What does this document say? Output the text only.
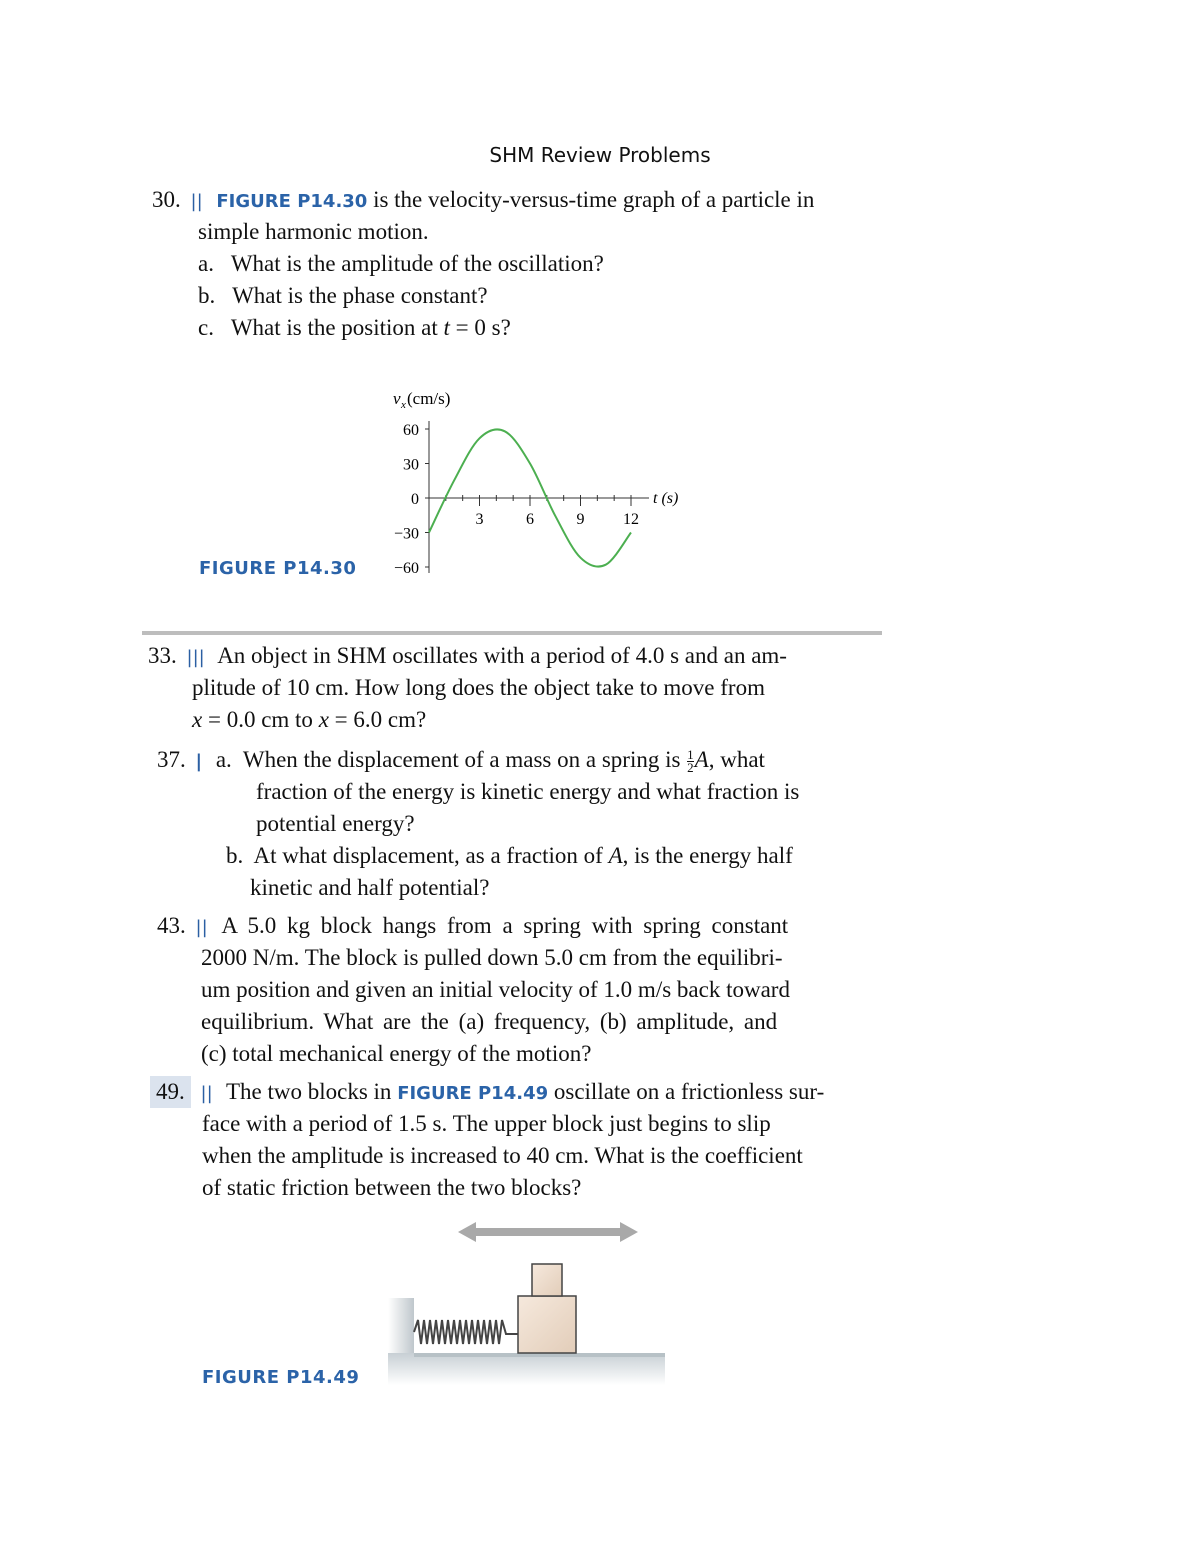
SHM Review Problems
30. || FIGURE P14.30 is the velocity-versus-time graph of a particle in
simple harmonic motion.
a. What is the amplitude of the oscillation?
b. What is the phase constant?
c. What is the position at t = 0 s?
v x (cm/s)
60
30
0
−30
−60
3	6	9 12
t (s)
FIGURE P14.30
33. ||| An object in SHM oscillates with a period of 4.0 s and an am-
plitude of 10 cm. How long does the object take to move from
x = 0.0 cm to x = 6.0 cm?
37. | a. When the displacement of a mass on a spring is $\frac{1}{2} A$, what
fraction of the energy is kinetic energy and what fraction is
potential energy?
b. At what displacement, as a fraction of A, is the energy half
kinetic and half potential?
43. || A 5.0 kg block hangs from a spring with spring constant
2000 N/m. The block is pulled down 5.0 cm from the equilibri-
um position and given an initial velocity of 1.0 m/s back toward
equilibrium. What are the (a) frequency, (b) amplitude, and
(c) total mechanical energy of the motion?
49. || The two blocks in FIGURE P14.49 oscillate on a frictionless sur-
face with a period of 1.5 s. The upper block just begins to slip
when the amplitude is increased to 40 cm. What is the coefficient
of static friction between the two blocks?
FIGURE P14.49
